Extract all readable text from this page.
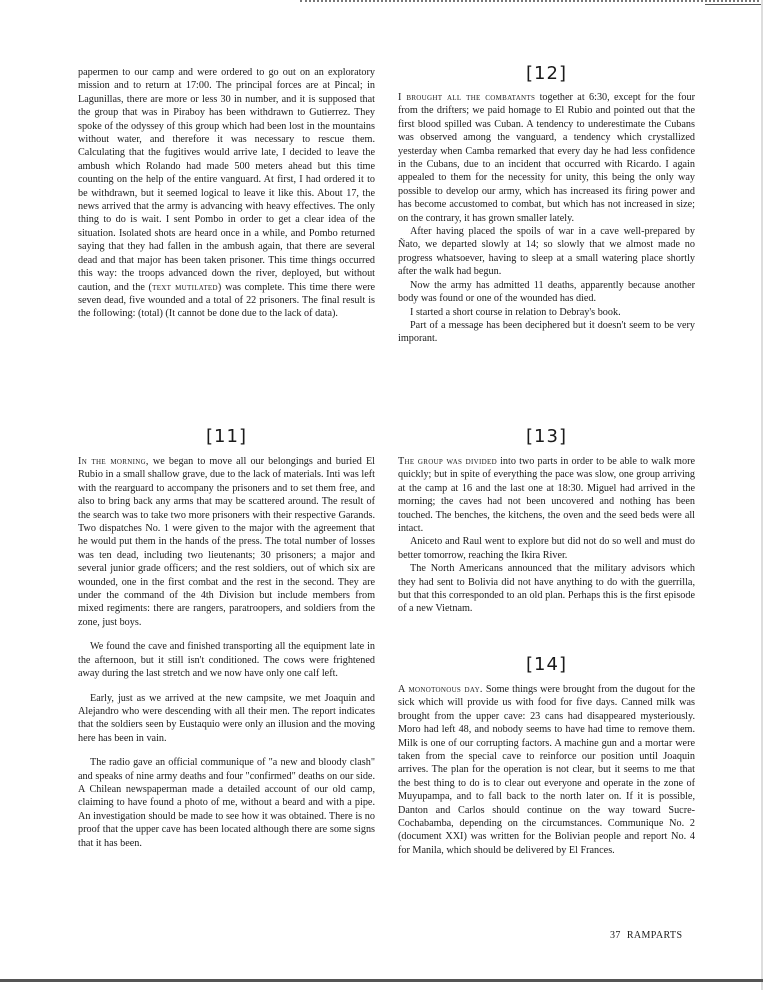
papermen to our camp and were ordered to go out on an exploratory mission and to return at 17:00. The principal forces are at Pincal; in Lagunillas, there are more or less 30 in number, and it is supposed that the group that was in Piraboy has been withdrawn to Gutierrez. They spoke of the odyssey of this group which had been lost in the mountains without water, and therefore it was necessary to rescue them. Calculating that the fugitives would arrive late, I decided to leave the ambush which Rolando had made 500 meters ahead but this time counting on the help of the entire vanguard. At first, I had ordered it to be withdrawn, but it seemed logical to leave it like this. About 17, the news arrived that the army is advancing with heavy effectives. The only thing to do is wait. I sent Pombo in order to get a clear idea of the situation. Isolated shots are heard once in a while, and Pombo returned saying that they had fallen in the ambush again, that there are several dead and that major has been taken prisoner. This time things occurred this way: the troops advanced down the river, deployed, but without caution, and the (text mutilated) was complete. This time there were seven dead, five wounded and a total of 22 prisoners. The final result is the following: (total) (It cannot be done due to the lack of data).

[11]

In the morning, we began to move all our belongings and buried El Rubio in a small shallow grave, due to the lack of materials. Inti was left with the rearguard to accompany the prisoners and to set them free, and also to bring back any arms that may be scattered around. The result of the search was to take two more prisoners with their respective Garands. Two dispatches No. 1 were given to the major with the agreement that he would put them in the hands of the press. The total number of losses was ten dead, including two lieutenants; 30 prisoners; a major and several junior grade officers; and the rest soldiers, out of which six are wounded, one in the first combat and the rest in the second. They are under the command of the 4th Division but include members from mixed regiments: there are rangers, paratroopers, and soldiers from the zone, just boys.

We found the cave and finished transporting all the equipment late in the afternoon, but it still isn't conditioned. The cows were frightened away during the last stretch and we now have only one calf left.

Early, just as we arrived at the new campsite, we met Joaquin and Alejandro who were descending with all their men. The report indicates that the soldiers seen by Eustaquio were only an illusion and the moving here has been in vain.

The radio gave an official communique of "a new and bloody clash" and speaks of nine army deaths and four "confirmed" deaths on our side. A Chilean newspaperman made a detailed account of our old camp, claiming to have found a photo of me, without a beard and with a pipe. An investigation should be made to see how it was obtained. There is no proof that the upper cave has been located although there are some signs that it has been.

[12]

I brought all the combatants together at 6:30, except for the four from the drifters; we paid homage to El Rubio and pointed out that the first blood spilled was Cuban. A tendency to underestimate the Cubans was observed among the vanguard, a tendency which crystallized yesterday when Camba remarked that every day he had less confidence in the Cubans, due to an incident that occurred with Ricardo. I again appealed to them for the necessity for unity, this being the only way possible to develop our army, which has increased its firing power and has become accustomed to combat, but which has not increased in size; on the contrary, it has grown smaller lately.

After having placed the spoils of war in a cave well-prepared by Ñato, we departed slowly at 14; so slowly that we almost made no progress whatsoever, having to sleep at a small watering place shortly after the walk had begun.

Now the army has admitted 11 deaths, apparently because another body was found or one of the wounded has died.

I started a short course in relation to Debray's book.

Part of a message has been deciphered but it doesn't seem to be very imporant.

[13]

The group was divided into two parts in order to be able to walk more quickly; but in spite of everything the pace was slow, one group arriving at the camp at 16 and the last one at 18:30. Miguel had arrived in the morning; the caves had not been uncovered and nothing has been touched. The benches, the kitchens, the oven and the seed beds were all intact.

Aniceto and Raul went to explore but did not do so well and must do better tomorrow, reaching the Ikira River.

The North Americans announced that the military advisors which they had sent to Bolivia did not have anything to do with the guerrilla, but that this corresponded to an old plan. Perhaps this is the first episode of a new Vietnam.

[14]

A monotonous day. Some things were brought from the dugout for the sick which will provide us with food for five days. Canned milk was brought from the upper cave: 23 cans had disappeared mysteriously. Moro had left 48, and nobody seems to have had time to remove them. Milk is one of our corrupting factors. A machine gun and a mortar were taken from the special cave to reinforce our position until Joaquin arrives. The plan for the operation is not clear, but it seems to me that the best thing to do is to clear out everyone and operate in the zone of Muyupampa, and to fall back to the north later on. If it is possible, Danton and Carlos should continue on the way toward Sucre-Cochabamba, depending on the circumstances. Communique No. 2 (document XXI) was written for the Bolivian people and report No. 4 for Manila, which should be delivered by El Frances.

37 RAMPARTS
